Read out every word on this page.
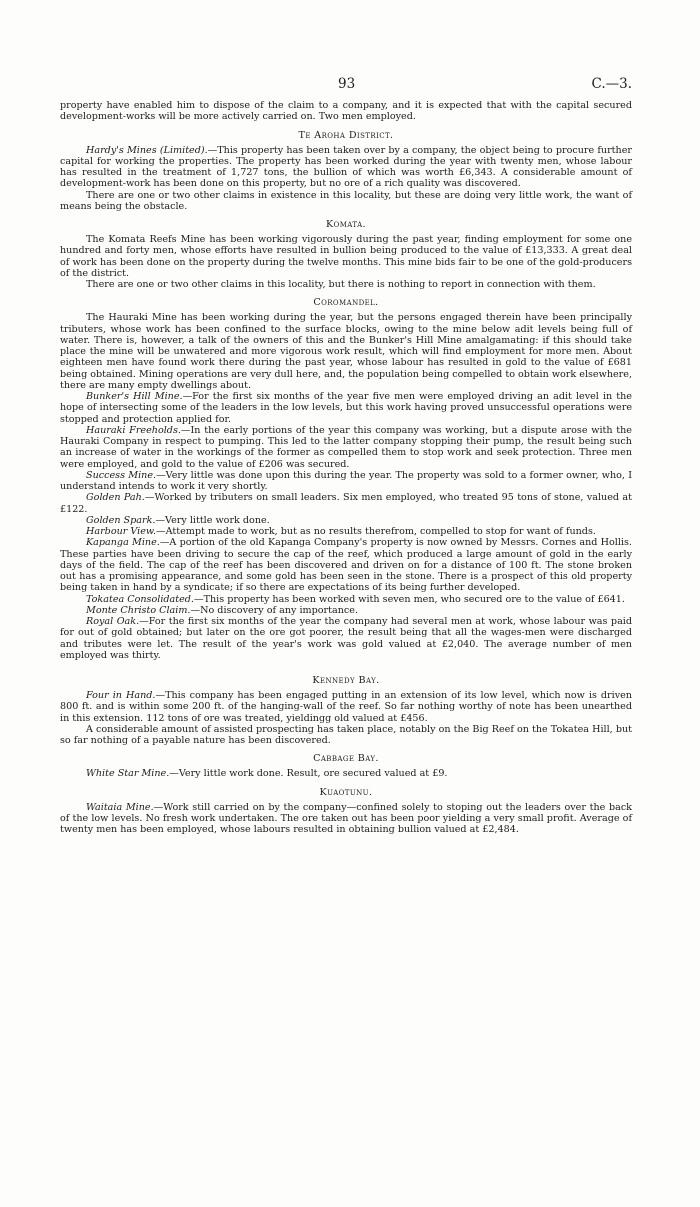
93	C.—3.

property have enabled him to dispose of the claim to a company, and it is expected that with the capital secured development-works will be more actively carried on. Two men employed.

Te Aroha District.

Hardy's Mines (Limited).—This property has been taken over by a company, the object being to procure further capital for working the properties. The property has been worked during the year with twenty men, whose labour has resulted in the treatment of 1,727 tons, the bullion of which was worth £6,343. A considerable amount of development-work has been done on this property, but no ore of a rich quality was discovered.

There are one or two other claims in existence in this locality, but these are doing very little work, the want of means being the obstacle.

Komata.

The Komata Reefs Mine has been working vigorously during the past year, finding employment for some one hundred and forty men, whose efforts have resulted in bullion being produced to the value of £13,333. A great deal of work has been done on the property during the twelve months. This mine bids fair to be one of the gold-producers of the district.

There are one or two other claims in this locality, but there is nothing to report in connection with them.

Coromandel.

The Hauraki Mine has been working during the year, but the persons engaged therein have been principally tributers, whose work has been confined to the surface blocks, owing to the mine below adit levels being full of water. There is, however, a talk of the owners of this and the Bunker's Hill Mine amalgamating: if this should take place the mine will be unwatered and more vigorous work result, which will find employment for more men. About eighteen men have found work there during the past year, whose labour has resulted in gold to the value of £681 being obtained. Mining operations are very dull here, and, the population being compelled to obtain work elsewhere, there are many empty dwellings about.

Bunker's Hill Mine.—For the first six months of the year five men were employed driving an adit level in the hope of intersecting some of the leaders in the low levels, but this work having proved unsuccessful operations were stopped and protection applied for.

Hauraki Freeholds.—In the early portions of the year this company was working, but a dispute arose with the Hauraki Company in respect to pumping. This led to the latter company stopping their pump, the result being such an increase of water in the workings of the former as compelled them to stop work and seek protection. Three men were employed, and gold to the value of £206 was secured.

Success Mine.—Very little was done upon this during the year. The property was sold to a former owner, who, I understand intends to work it very shortly.

Golden Pah.—Worked by tributers on small leaders. Six men employed, who treated 95 tons of stone, valued at £122.

Golden Spark.—Very little work done.

Harbour View.—Attempt made to work, but as no results therefrom, compelled to stop for want of funds.

Kapanga Mine.—A portion of the old Kapanga Company's property is now owned by Messrs. Cornes and Hollis. These parties have been driving to secure the cap of the reef, which produced a large amount of gold in the early days of the field. The cap of the reef has been discovered and driven on for a distance of 100 ft. The stone broken out has a promising appearance, and some gold has been seen in the stone. There is a prospect of this old property being taken in hand by a syndicate; if so there are expectations of its being further developed.

Tokatea Consolidated.—This property has been worked with seven men, who secured ore to the value of £641.

Monte Christo Claim.—No discovery of any importance.

Royal Oak.—For the first six months of the year the company had several men at work, whose labour was paid for out of gold obtained; but later on the ore got poorer, the result being that all the wages-men were discharged and tributes were let. The result of the year's work was gold valued at £2,040. The average number of men employed was thirty.

Kennedy Bay.

Four in Hand.—This company has been engaged putting in an extension of its low level, which now is driven 800 ft. and is within some 200 ft. of the hanging-wall of the reef. So far nothing worthy of note has been unearthed in this extension. 112 tons of ore was treated, yieldingg old valued at £456.

A considerable amount of assisted prospecting has taken place, notably on the Big Reef on the Tokatea Hill, but so far nothing of a payable nature has been discovered.

Cabbage Bay.

White Star Mine.—Very little work done. Result, ore secured valued at £9.

Kuaotunu.

Waitaia Mine.—Work still carried on by the company—confined solely to stoping out the leaders over the back of the low levels. No fresh work undertaken. The ore taken out has been poor yielding a very small profit. Average of twenty men has been employed, whose labours resulted in obtaining bullion valued at £2,484.
